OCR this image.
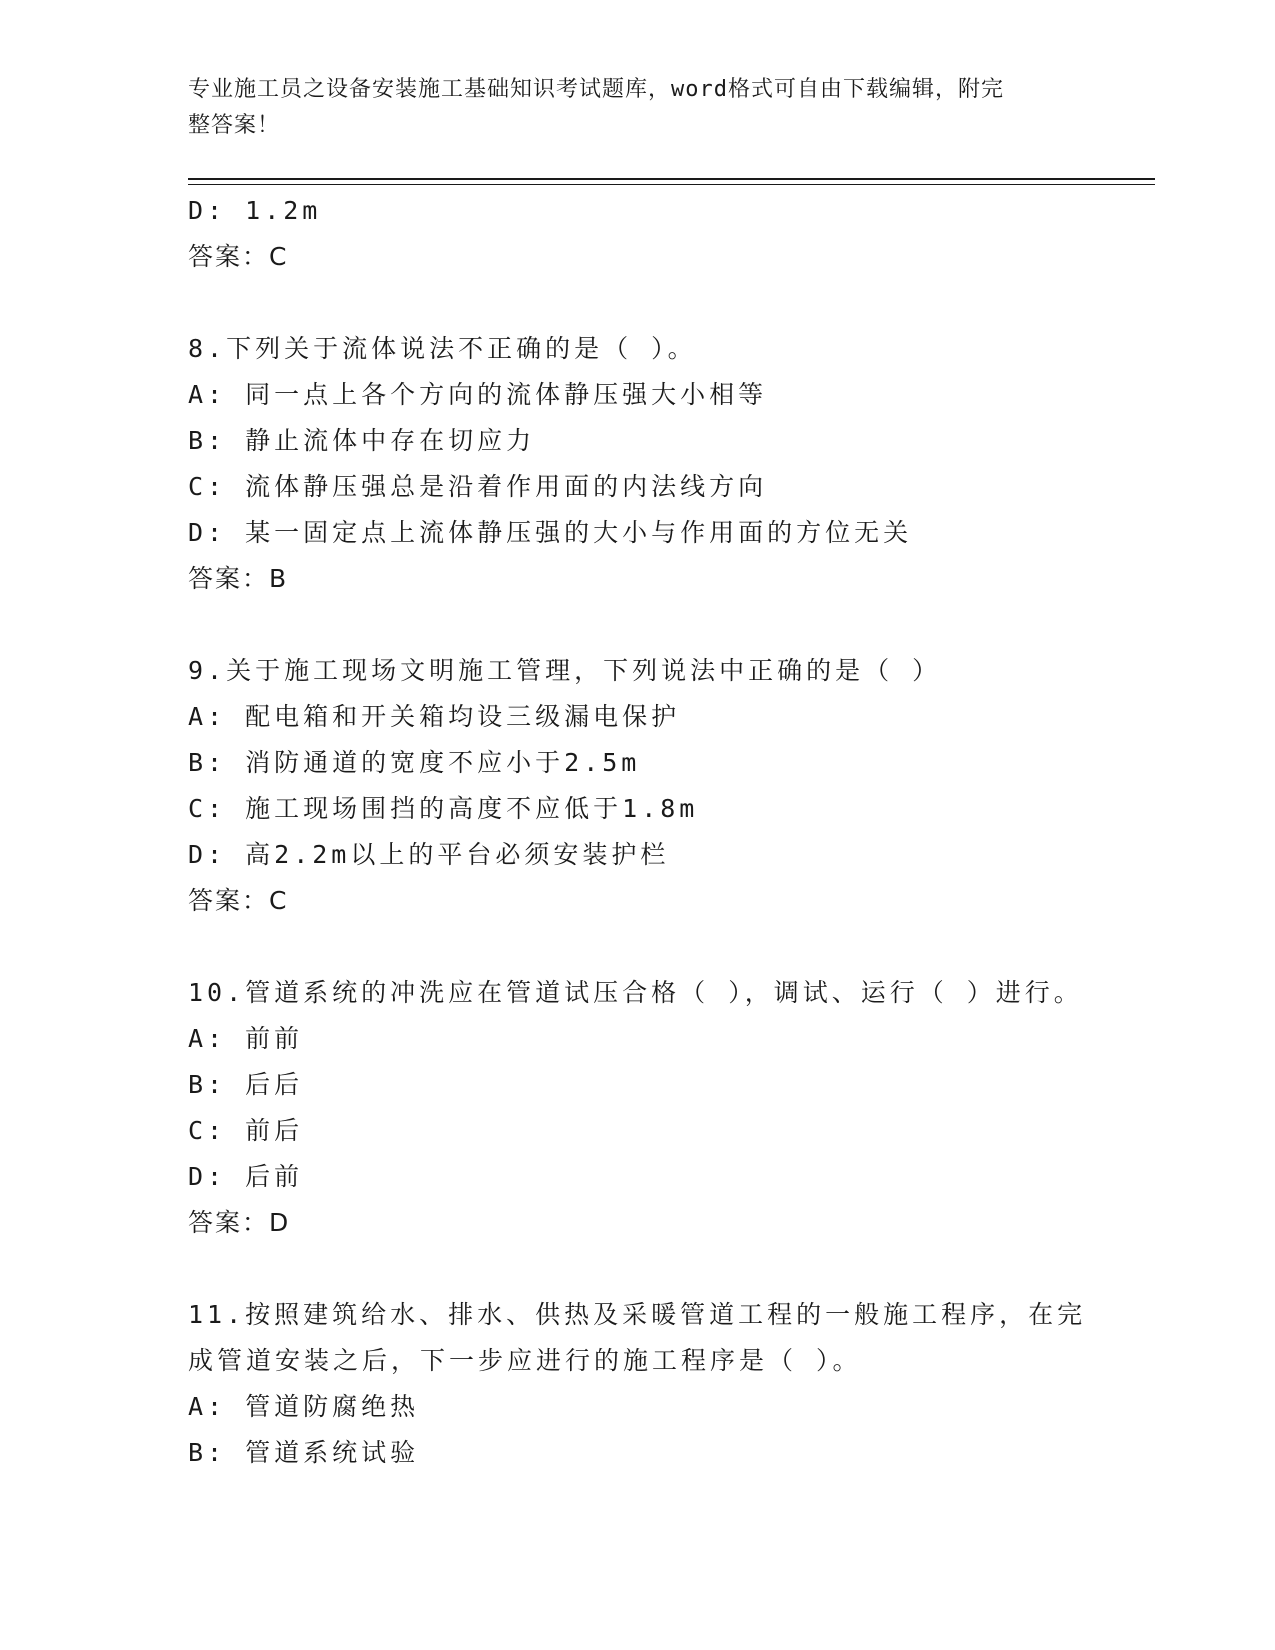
专业施工员之设备安装施工基础知识考试题库，word格式可自由下载编辑，附完
整答案！
D: 1.2m
答案：C
8.下列关于流体说法不正确的是（ ）。
A: 同一点上各个方向的流体静压强大小相等
B: 静止流体中存在切应力
C: 流体静压强总是沿着作用面的内法线方向
D: 某一固定点上流体静压强的大小与作用面的方位无关
答案：B
9.关于施工现场文明施工管理，下列说法中正确的是（ ）
A: 配电箱和开关箱均设三级漏电保护
B: 消防通道的宽度不应小于2.5m
C: 施工现场围挡的高度不应低于1.8m
D: 高2.2m以上的平台必须安装护栏
答案：C
10.管道系统的冲洗应在管道试压合格（ ），调试、运行（ ）进行。
A: 前前
B: 后后
C: 前后
D: 后前
答案：D
11.按照建筑给水、排水、供热及采暖管道工程的一般施工程序，在完
成管道安装之后，下一步应进行的施工程序是（ ）。
A: 管道防腐绝热
B: 管道系统试验
